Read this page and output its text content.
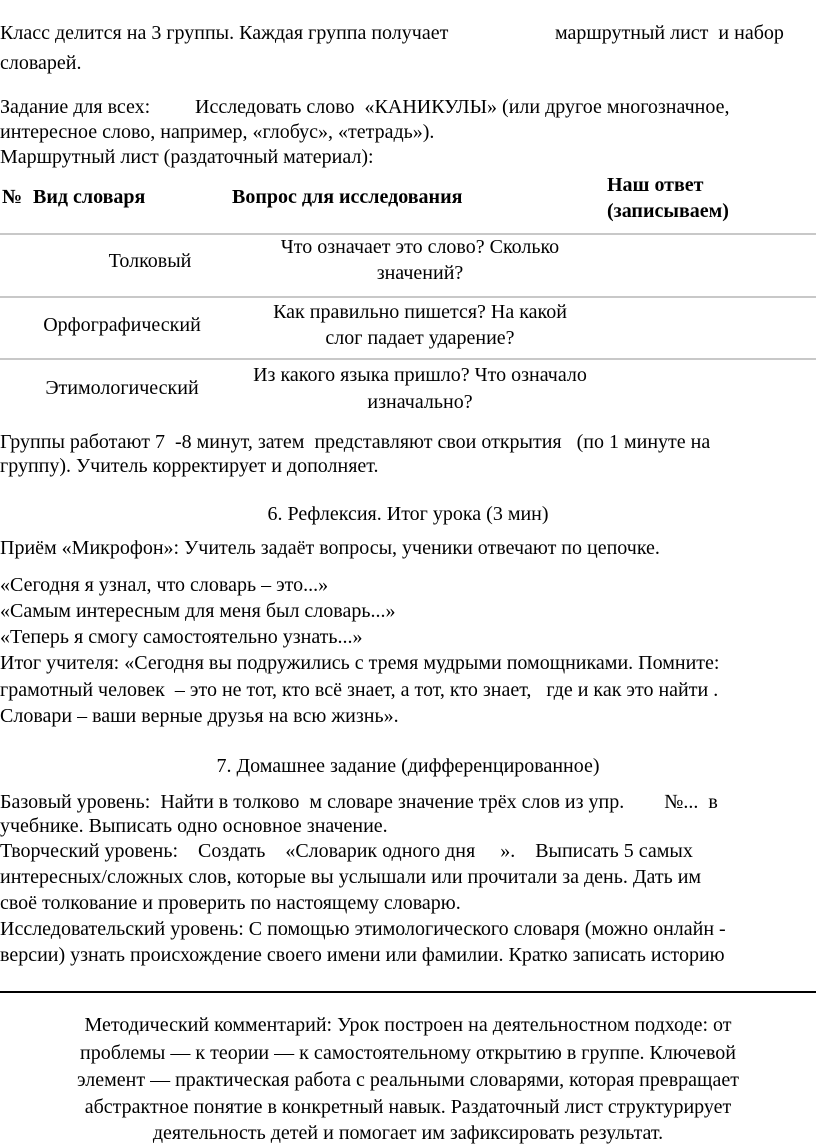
Класс делится на 3 группы. Каждая группа получает	маршрутный лист  и набор
словарей.
Задание для всех: Исследовать слово  «КАНИКУЛЫ» (или другое многозначное,
интересное слово, например, «глобус», «тетрадь»).
Маршрутный лист (раздаточный материал):
№ Вид словаря	Вопрос для исследования
Наш ответ
(записываем)
Толковый
Что означает это слово? Сколько
значений?
Орфографический
Как правильно пишется? На какой
слог падает ударение?
Этимологический
Из какого языка пришло? Что означало
изначально?
Группы работают 7  -8 минут, затем  представляют свои открытия   (по 1 минуте на
группу). Учитель корректирует и дополняет.
6. Рефлексия. Итог урока (3 мин)
Приём «Микрофон»: Учитель задаёт вопросы, ученики отвечают по цепочке.
«Сегодня я узнал, что словарь – это...»
«Самым интересным для меня был словарь...»
«Теперь я смогу самостоятельно узнать...»
Итог учителя: «Сегодня вы подружились с тремя мудрыми помощниками. Помните:
грамотный человек  – это не тот, кто всё знает, а тот, кто знает,   где и как это найти .
Словари – ваши верные друзья на всю жизнь».
7. Домашнее задание (дифференцированное)
Базовый уровень:  Найти в толково  м словаре значение трёх слов из упр.        №...  в
учебнике. Выписать одно основное значение.
Творческий уровень:    Создать    «Словарик одного дня     ».    Выписать 5 самых
интересных/сложных слов, которые вы услышали или прочитали за день. Дать им
своё толкование и проверить по настоящему словарю.
Исследовательский уровень: С помощью этимологического словаря (можно онлайн -
версии) узнать происхождение своего имени или фамилии. Кратко записать историю
Методический комментарий: Урок построен на деятельностном подходе: от
проблемы — к теории — к самостоятельному открытию в группе. Ключевой
элемент — практическая работа с реальными словарями, которая превращает
абстрактное понятие в конкретный навык. Раздаточный лист структурирует
деятельность детей и помогает им зафиксировать результат.
